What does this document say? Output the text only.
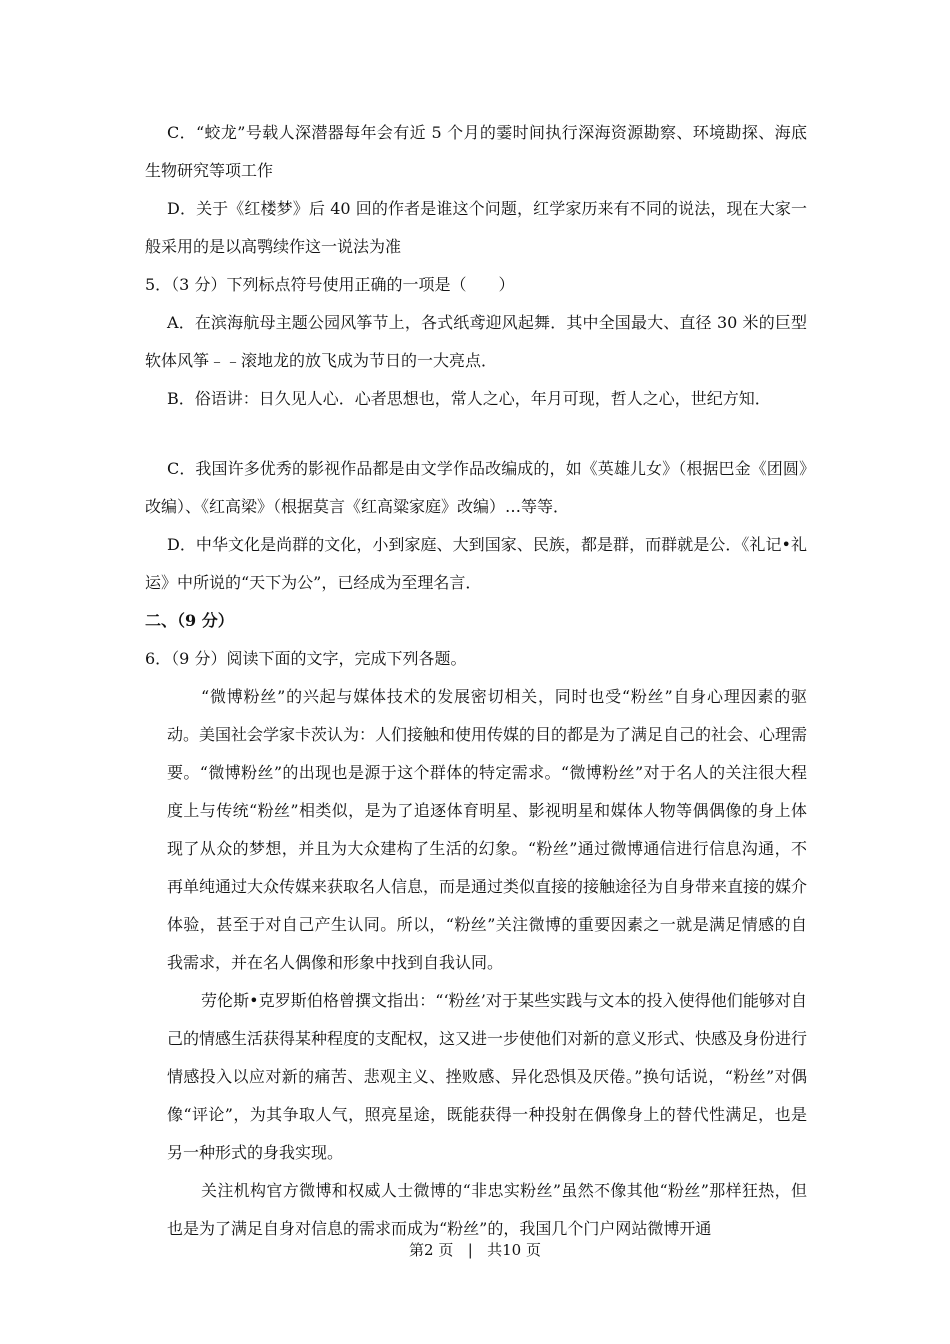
C．“蛟龙”号载人深潜器每年会有近 5 个月的霎时间执行深海资源勘察、环境勘探、海底生物研究等项工作

D．关于《红楼梦》后 40 回的作者是谁这个问题，红学家历来有不同的说法，现在大家一般采用的是以高鹗续作这一说法为准

5．（3 分）下列标点符号使用正确的一项是（　　）

A．在滨海航母主题公园风筝节上，各式纸鸢迎风起舞．其中全国最大、直径 30 米的巨型软体风筝﹣﹣滚地龙的放飞成为节日的一大亮点．

B．俗语讲：日久见人心．心者思想也，常人之心，年月可现，哲人之心，世纪方知．

C．我国许多优秀的影视作品都是由文学作品改编成的，如《英雄儿女》（根据巴金《团圆》改编）、《红高梁》（根据莫言《红高粱家庭》改编）…等等．

D．中华文化是尚群的文化，小到家庭、大到国家、民族，都是群，而群就是公．《礼记•礼运》中所说的“天下为公”，已经成为至理名言．

二、（9 分）

6．（9 分）阅读下面的文字，完成下列各题。

“微博粉丝”的兴起与媒体技术的发展密切相关，同时也受“粉丝”自身心理因素的驱动。美国社会学家卡茨认为：人们接触和使用传媒的目的都是为了满足自己的社会、心理需要。“微博粉丝”的出现也是源于这个群体的特定需求。“微博粉丝”对于名人的关注很大程度上与传统“粉丝”相类似，是为了追逐体育明星、影视明星和媒体人物等偶偶像的身上体现了从众的梦想，并且为大众建构了生活的幻象。“粉丝”通过微博通信进行信息沟通，不再单纯通过大众传媒来获取名人信息，而是通过类似直接的接触途径为自身带来直接的媒介体验，甚至于对自己产生认同。所以，“粉丝”关注微博的重要因素之一就是满足情感的自我需求，并在名人偶像和形象中找到自我认同。

劳伦斯•克罗斯伯格曾撰文指出：“‘粉丝’对于某些实践与文本的投入使得他们能够对自己的情感生活获得某种程度的支配权，这又进一步使他们对新的意义形式、快感及身份进行情感投入以应对新的痛苦、悲观主义、挫败感、异化恐惧及厌倦。”换句话说，“粉丝”对偶像“评论”，为其争取人气，照亮星途，既能获得一种投射在偶像身上的替代性满足，也是另一种形式的身我实现。

关注机构官方微博和权威人士微博的“非忠实粉丝”虽然不像其他“粉丝”那样狂热，但也是为了满足自身对信息的需求而成为“粉丝”的，我国几个门户网站微博开通

第2 页 | 共10 页
